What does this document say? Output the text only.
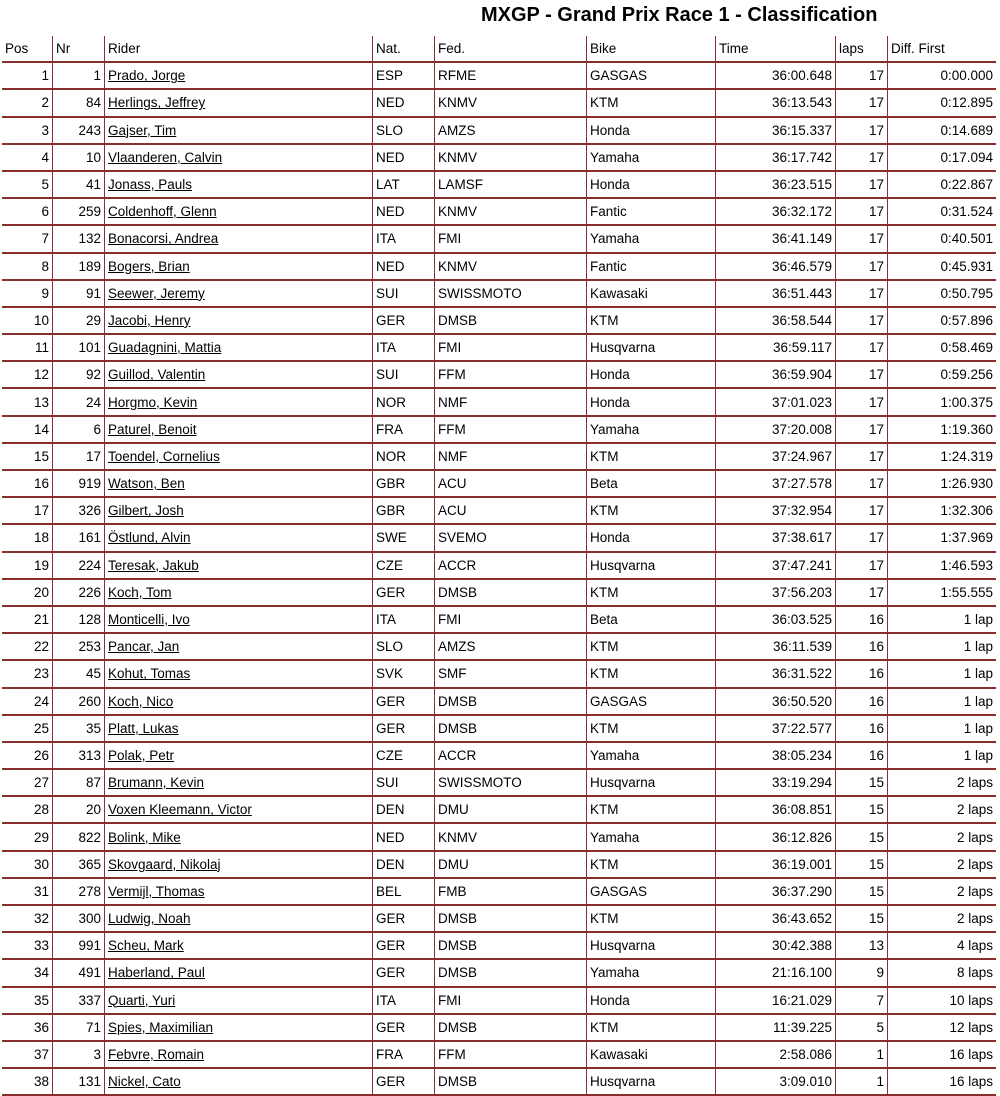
MXGP - Grand Prix Race 1 - Classification
Pos	Nr	Rider	Nat.	Fed.	Bike	Time	laps	Diff. First
1	1	Prado, Jorge	ESP	RFME	GASGAS	36:00.648	17	0:00.000
2	84	Herlings, Jeffrey	NED	KNMV	KTM	36:13.543	17	0:12.895
3	243	Gajser, Tim	SLO	AMZS	Honda	36:15.337	17	0:14.689
4	10	Vlaanderen, Calvin	NED	KNMV	Yamaha	36:17.742	17	0:17.094
5	41	Jonass, Pauls	LAT	LAMSF	Honda	36:23.515	17	0:22.867
6	259	Coldenhoff, Glenn	NED	KNMV	Fantic	36:32.172	17	0:31.524
7	132	Bonacorsi, Andrea	ITA	FMI	Yamaha	36:41.149	17	0:40.501
8	189	Bogers, Brian	NED	KNMV	Fantic	36:46.579	17	0:45.931
9	91	Seewer, Jeremy	SUI	SWISSMOTO	Kawasaki	36:51.443	17	0:50.795
10	29	Jacobi, Henry	GER	DMSB	KTM	36:58.544	17	0:57.896
11	101	Guadagnini, Mattia	ITA	FMI	Husqvarna	36:59.117	17	0:58.469
12	92	Guillod, Valentin	SUI	FFM	Honda	36:59.904	17	0:59.256
13	24	Horgmo, Kevin	NOR	NMF	Honda	37:01.023	17	1:00.375
14	6	Paturel, Benoit	FRA	FFM	Yamaha	37:20.008	17	1:19.360
15	17	Toendel, Cornelius	NOR	NMF	KTM	37:24.967	17	1:24.319
16	919	Watson, Ben	GBR	ACU	Beta	37:27.578	17	1:26.930
17	326	Gilbert, Josh	GBR	ACU	KTM	37:32.954	17	1:32.306
18	161	Östlund, Alvin	SWE	SVEMO	Honda	37:38.617	17	1:37.969
19	224	Teresak, Jakub	CZE	ACCR	Husqvarna	37:47.241	17	1:46.593
20	226	Koch, Tom	GER	DMSB	KTM	37:56.203	17	1:55.555
21	128	Monticelli, Ivo	ITA	FMI	Beta	36:03.525	16	1 lap
22	253	Pancar, Jan	SLO	AMZS	KTM	36:11.539	16	1 lap
23	45	Kohut, Tomas	SVK	SMF	KTM	36:31.522	16	1 lap
24	260	Koch, Nico	GER	DMSB	GASGAS	36:50.520	16	1 lap
25	35	Platt, Lukas	GER	DMSB	KTM	37:22.577	16	1 lap
26	313	Polak, Petr	CZE	ACCR	Yamaha	38:05.234	16	1 lap
27	87	Brumann, Kevin	SUI	SWISSMOTO	Husqvarna	33:19.294	15	2 laps
28	20	Voxen Kleemann, Victor	DEN	DMU	KTM	36:08.851	15	2 laps
29	822	Bolink, Mike	NED	KNMV	Yamaha	36:12.826	15	2 laps
30	365	Skovgaard, Nikolaj	DEN	DMU	KTM	36:19.001	15	2 laps
31	278	Vermijl, Thomas	BEL	FMB	GASGAS	36:37.290	15	2 laps
32	300	Ludwig, Noah	GER	DMSB	KTM	36:43.652	15	2 laps
33	991	Scheu, Mark	GER	DMSB	Husqvarna	30:42.388	13	4 laps
34	491	Haberland, Paul	GER	DMSB	Yamaha	21:16.100	9	8 laps
35	337	Quarti, Yuri	ITA	FMI	Honda	16:21.029	7	10 laps
36	71	Spies, Maximilian	GER	DMSB	KTM	11:39.225	5	12 laps
37	3	Febvre, Romain	FRA	FFM	Kawasaki	2:58.086	1	16 laps
38	131	Nickel, Cato	GER	DMSB	Husqvarna	3:09.010	1	16 laps
